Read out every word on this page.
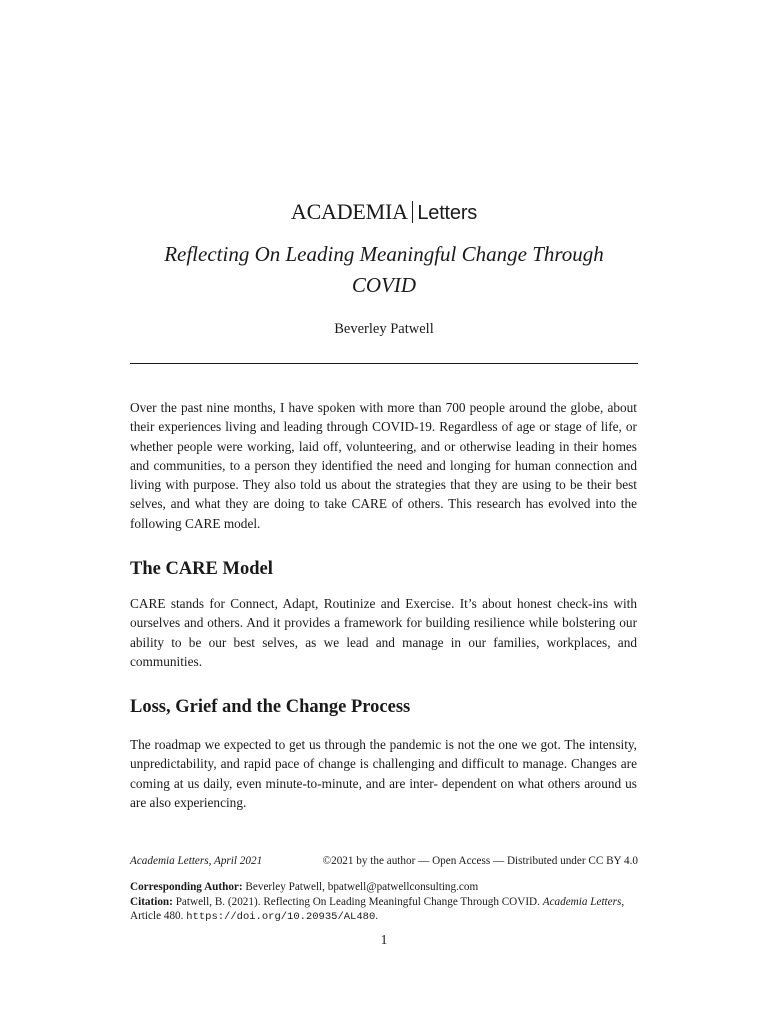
ACADEMIA Letters
Reflecting On Leading Meaningful Change Through
COVID
Beverley Patwell

Over the past nine months, I have spoken with more than 700 people around the globe, about their experiences living and leading through COVID-19. Regardless of age or stage of life, or whether people were working, laid off, volunteering, and or otherwise leading in their homes and communities, to a person they identified the need and longing for human connection and living with purpose. They also told us about the strategies that they are using to be their best selves, and what they are doing to take CARE of others. This research has evolved into the following CARE model.

The CARE Model

CARE stands for Connect, Adapt, Routinize and Exercise. It’s about honest check-ins with ourselves and others. And it provides a framework for building resilience while bolstering our ability to be our best selves, as we lead and manage in our families, workplaces, and communities.

Loss, Grief and the Change Process

The roadmap we expected to get us through the pandemic is not the one we got. The intensity, unpredictability, and rapid pace of change is challenging and difficult to manage. Changes are coming at us daily, even minute-to-minute, and are inter- dependent on what others around us are also experiencing.

Academia Letters, April 2021	©2021 by the author — Open Access — Distributed under CC BY 4.0
Corresponding Author: Beverley Patwell, bpatwell@patwellconsulting.com
Citation: Patwell, B. (2021). Reflecting On Leading Meaningful Change Through COVID. Academia Letters, Article 480. https://doi.org/10.20935/AL480.
1
